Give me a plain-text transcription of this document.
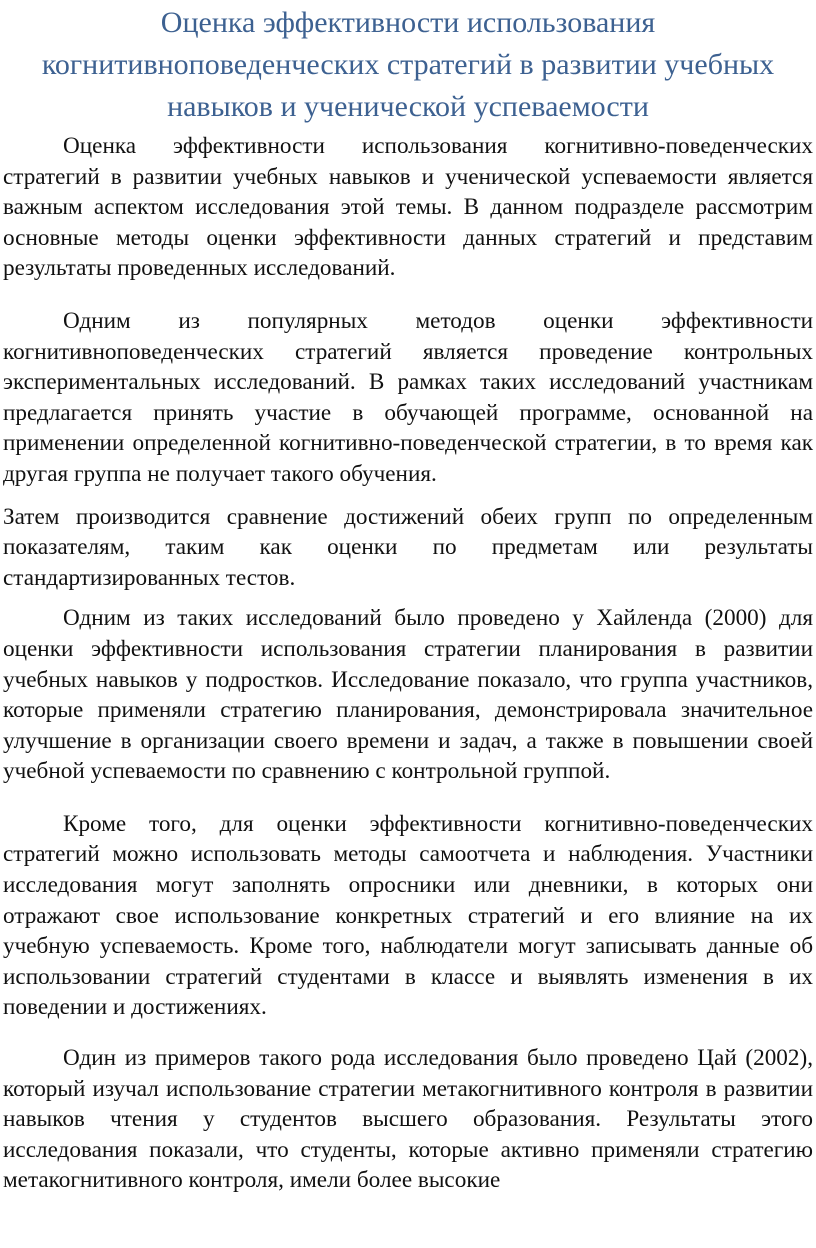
Оценка эффективности использования
когнитивноповеденческих стратегий в развитии учебных
навыков и ученической успеваемости

Оценка эффективности использования когнитивно-поведенческих стратегий в развитии учебных навыков и ученической успеваемости является важным аспектом исследования этой темы. В данном подразделе рассмотрим основные методы оценки эффективности данных стратегий и представим результаты проведенных исследований.

Одним из популярных методов оценки эффективности когнитивноповеденческих стратегий является проведение контрольных экспериментальных исследований. В рамках таких исследований участникам предлагается принять участие в обучающей программе, основанной на применении определенной когнитивно-поведенческой стратегии, в то время как другая группа не получает такого обучения.

Затем производится сравнение достижений обеих групп по определенным показателям, таким как оценки по предметам или результаты стандартизированных тестов.

Одним из таких исследований было проведено у Хайленда (2000) для оценки эффективности использования стратегии планирования в развитии учебных навыков у подростков. Исследование показало, что группа участников, которые применяли стратегию планирования, демонстрировала значительное улучшение в организации своего времени и задач, а также в повышении своей учебной успеваемости по сравнению с контрольной группой.

Кроме того, для оценки эффективности когнитивно-поведенческих стратегий можно использовать методы самоотчета и наблюдения. Участники исследования могут заполнять опросники или дневники, в которых они отражают свое использование конкретных стратегий и его влияние на их учебную успеваемость. Кроме того, наблюдатели могут записывать данные об использовании стратегий студентами в классе и выявлять изменения в их поведении и достижениях.

Один из примеров такого рода исследования было проведено Цай (2002), который изучал использование стратегии метакогнитивного контроля в развитии навыков чтения у студентов высшего образования. Результаты этого исследования показали, что студенты, которые активно применяли стратегию метакогнитивного контроля, имели более высокие
